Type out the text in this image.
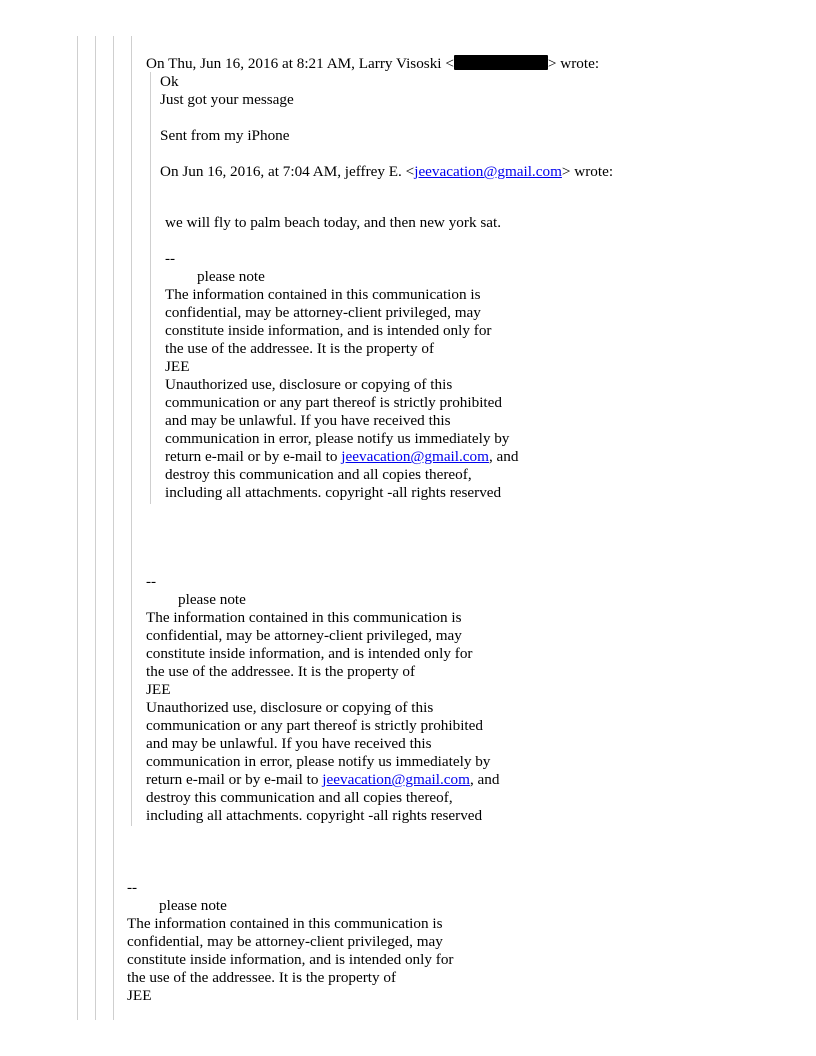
On Thu, Jun 16, 2016 at 8:21 AM, Larry Visoski <	> wrote:
Ok
Just got your message
Sent from my iPhone
On Jun 16, 2016, at 7:04 AM, jeffrey E. <jeevacation@gmail.com> wrote:
we will fly to palm beach today, and then new york sat.
--
please note
The information contained in this communication is
confidential, may be attorney-client privileged, may
constitute inside information, and is intended only for
the use of the addressee. It is the property of
JEE
Unauthorized use, disclosure or copying of this
communication or any part thereof is strictly prohibited
and may be unlawful. If you have received this
communication in error, please notify us immediately by
return e-mail or by e-mail to jeevacation@gmail.com, and
destroy this communication and all copies thereof,
including all attachments. copyright -all rights reserved
--
please note
The information contained in this communication is
confidential, may be attorney-client privileged, may
constitute inside information, and is intended only for
the use of the addressee. It is the property of
JEE
Unauthorized use, disclosure or copying of this
communication or any part thereof is strictly prohibited
and may be unlawful. If you have received this
communication in error, please notify us immediately by
return e-mail or by e-mail to jeevacation@gmail.com, and
destroy this communication and all copies thereof,
including all attachments. copyright -all rights reserved
--
please note
The information contained in this communication is
confidential, may be attorney-client privileged, may
constitute inside information, and is intended only for
the use of the addressee. It is the property of
JEE
